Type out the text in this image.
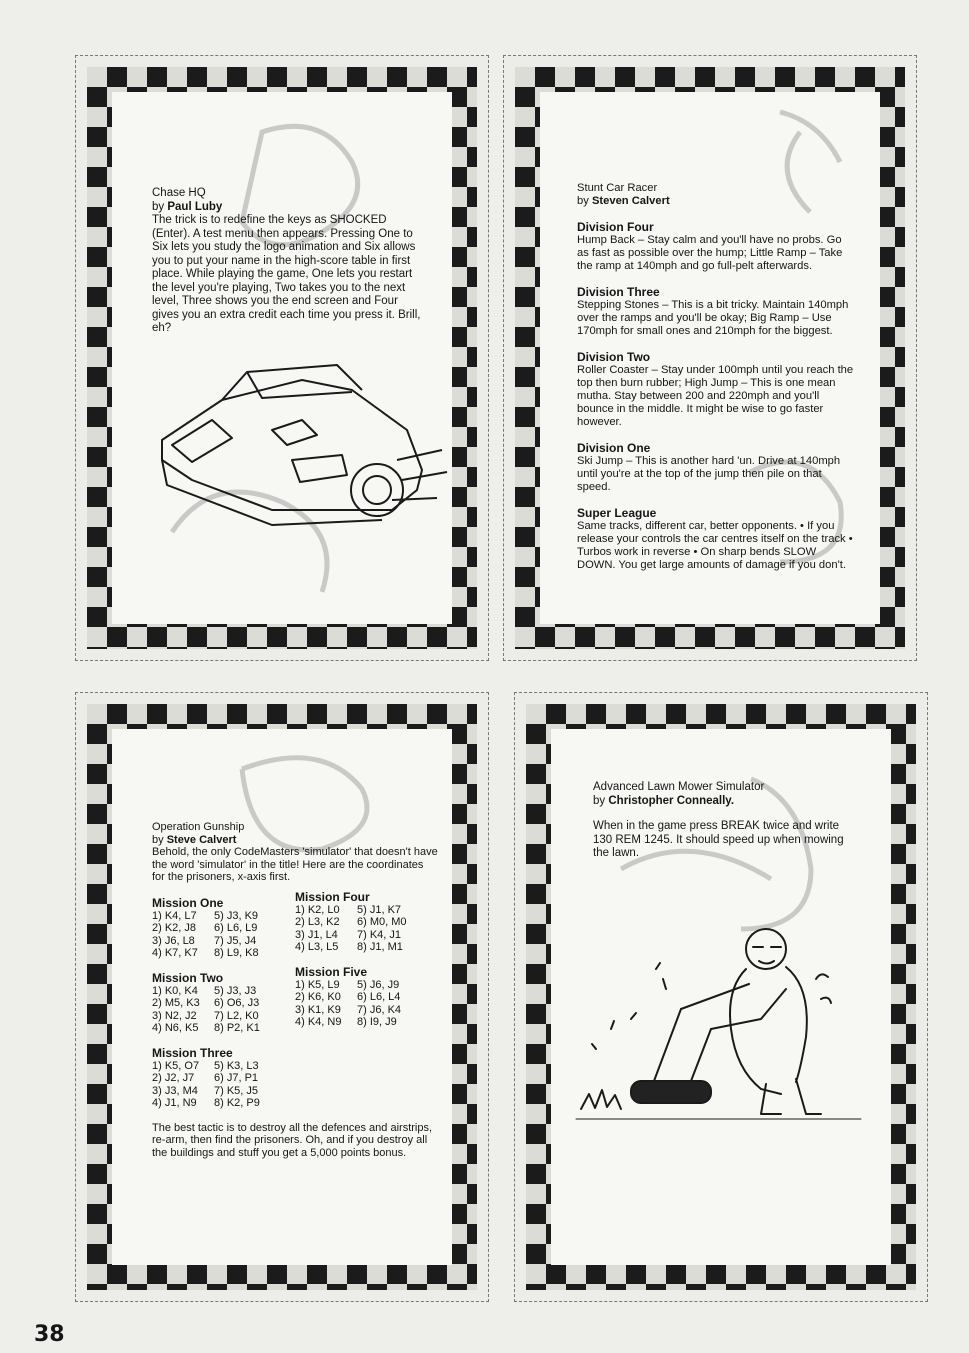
Chase HQ

by Paul Luby

The trick is to redefine the keys as SHOCKED (Enter). A test menu then appears. Pressing One to Six lets you study the logo animation and Six allows you to put your name in the high-score table in first place. While playing the game, One lets you restart the level you're playing, Two takes you to the next level, Three shows you the end screen and Four gives you an extra credit each time you press it. Brill, eh?

Stunt Car Racer

by Steven Calvert

Division Four

Hump Back – Stay calm and you'll have no probs. Go as fast as possible over the hump; Little Ramp – Take the ramp at 140mph and go full-pelt afterwards.

Division Three

Stepping Stones – This is a bit tricky. Maintain 140mph over the ramps and you'll be okay; Big Ramp – Use 170mph for small ones and 210mph for the biggest.

Division Two

Roller Coaster – Stay under 100mph until you reach the top then burn rubber; High Jump – This is one mean mutha. Stay between 200 and 220mph and you'll bounce in the middle. It might be wise to go faster however.

Division One

Ski Jump – This is another hard 'un. Drive at 140mph until you're at the top of the jump then pile on that speed.

Super League

Same tracks, different car, better opponents. • If you release your controls the car centres itself on the track • Turbos work in reverse • On sharp bends SLOW DOWN. You get large amounts of damage if you don't.

Operation Gunship

by Steve Calvert

Behold, the only CodeMasters 'simulator' that doesn't have the word 'simulator' in the title! Here are the coordinates for the prisoners, x-axis first.

Mission One
1) K4, L7	5) J3, K9
2) K2, J8	6) L6, L9
3) J6, L8	7) J5, J4
4) K7, K7	8) L9, K8
Mission Two
1) K0, K4	5) J3, J3
2) M5, K3	6) O6, J3
3) N2, J2	7) L2, K0
4) N6, K5	8) P2, K1
Mission Three
1) K5, O7	5) K3, L3
2) J2, J7	6) J7, P1
3) J3, M4	7) K5, J5
4) J1, N9	8) K2, P9
Mission Four
1) K2, L0	5) J1, K7
2) L3, K2	6) M0, M0
3) J1, L4	7) K4, J1
4) L3, L5	8) J1, M1
Mission Five
1) K5, L9	5) J6, J9
2) K6, K0	6) L6, L4
3) K1, K9	7) J6, K4
4) K4, N9	8) I9, J9

The best tactic is to destroy all the defences and airstrips, re-arm, then find the prisoners. Oh, and if you destroy all the buildings and stuff you get a 5,000 points bonus.

Advanced Lawn Mower Simulator

by Christopher Conneally.

When in the game press BREAK twice and write 130 REM 1245. It should speed up when mowing the lawn.

38
